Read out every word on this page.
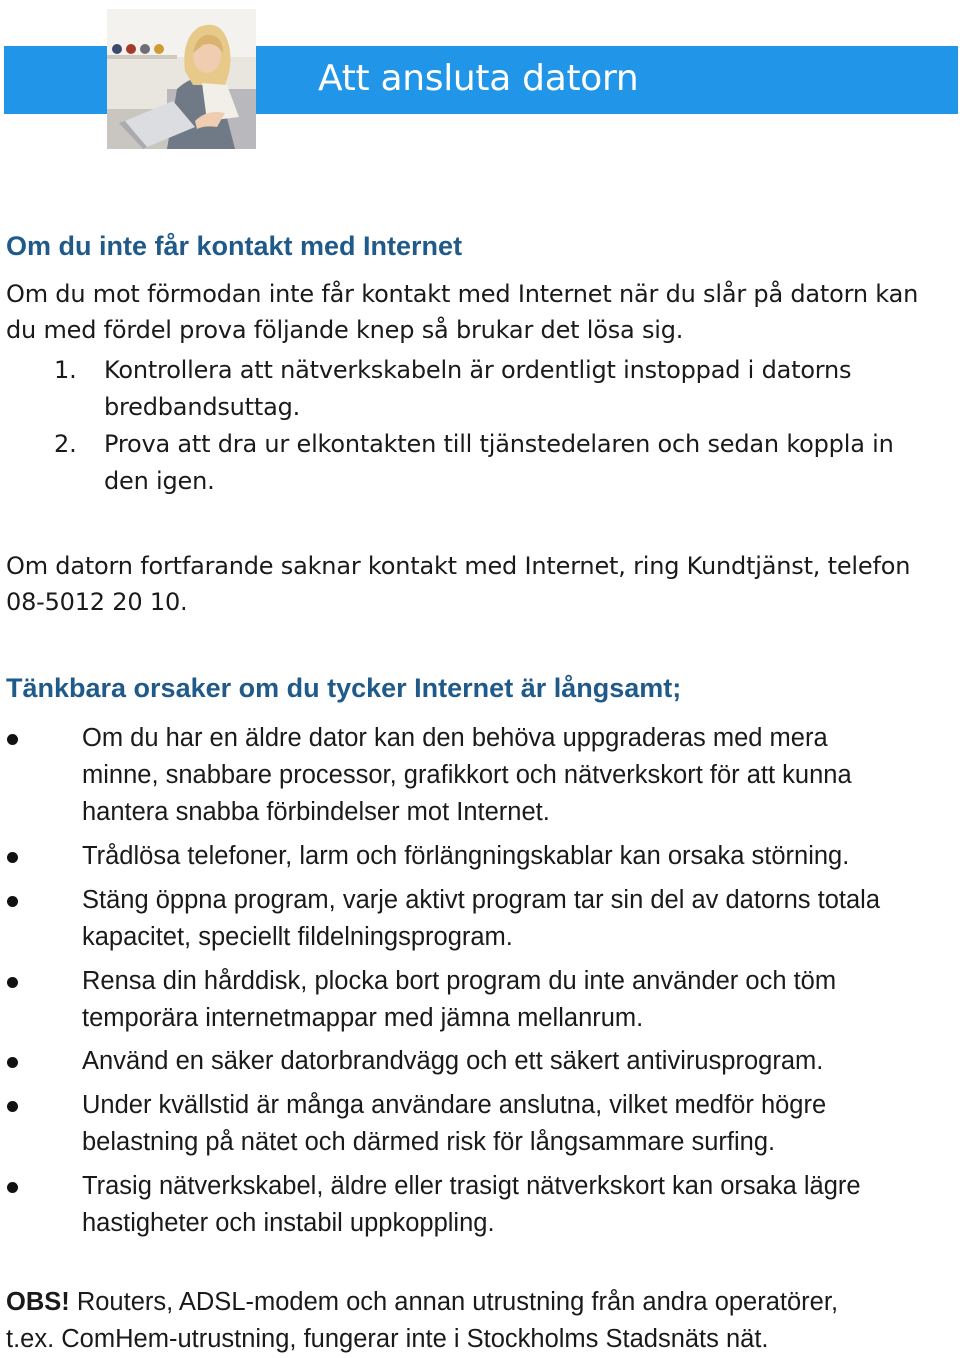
Att ansluta datorn
Om du inte får kontakt med Internet

Om du mot förmodan inte får kontakt med Internet när du slår på datorn kan

du med fördel prova följande knep så brukar det lösa sig.

1. Kontrollera att nätverkskabeln är ordentligt instoppad i datorns
bredbandsuttag.
2. Prova att dra ur elkontakten till tjänstedelaren och sedan koppla in
den igen.

Om datorn fortfarande saknar kontakt med Internet, ring Kundtjänst, telefon

08-5012 20 10.

Tänkbara orsaker om du tycker Internet är långsamt;
Om du har en äldre dator kan den behöva uppgraderas med mera
minne, snabbare processor, grafikkort och nätverkskort för att kunna
hantera snabba förbindelser mot Internet.
Trådlösa telefoner, larm och förlängningskablar kan orsaka störning.
Stäng öppna program, varje aktivt program tar sin del av datorns totala
kapacitet, speciellt fildelningsprogram.
Rensa din hårddisk, plocka bort program du inte använder och töm
temporära internetmappar med jämna mellanrum.
Använd en säker datorbrandvägg och ett säkert antivirusprogram.
Under kvällstid är många användare anslutna, vilket medför högre
belastning på nätet och därmed risk för långsammare surfing.
Trasig nätverkskabel, äldre eller trasigt nätverkskort kan orsaka lägre
hastigheter och instabil uppkoppling.

OBS! Routers, ADSL-modem och annan utrustning från andra operatörer,

t.ex. ComHem-utrustning, fungerar inte i Stockholms Stadsnäts nät.
